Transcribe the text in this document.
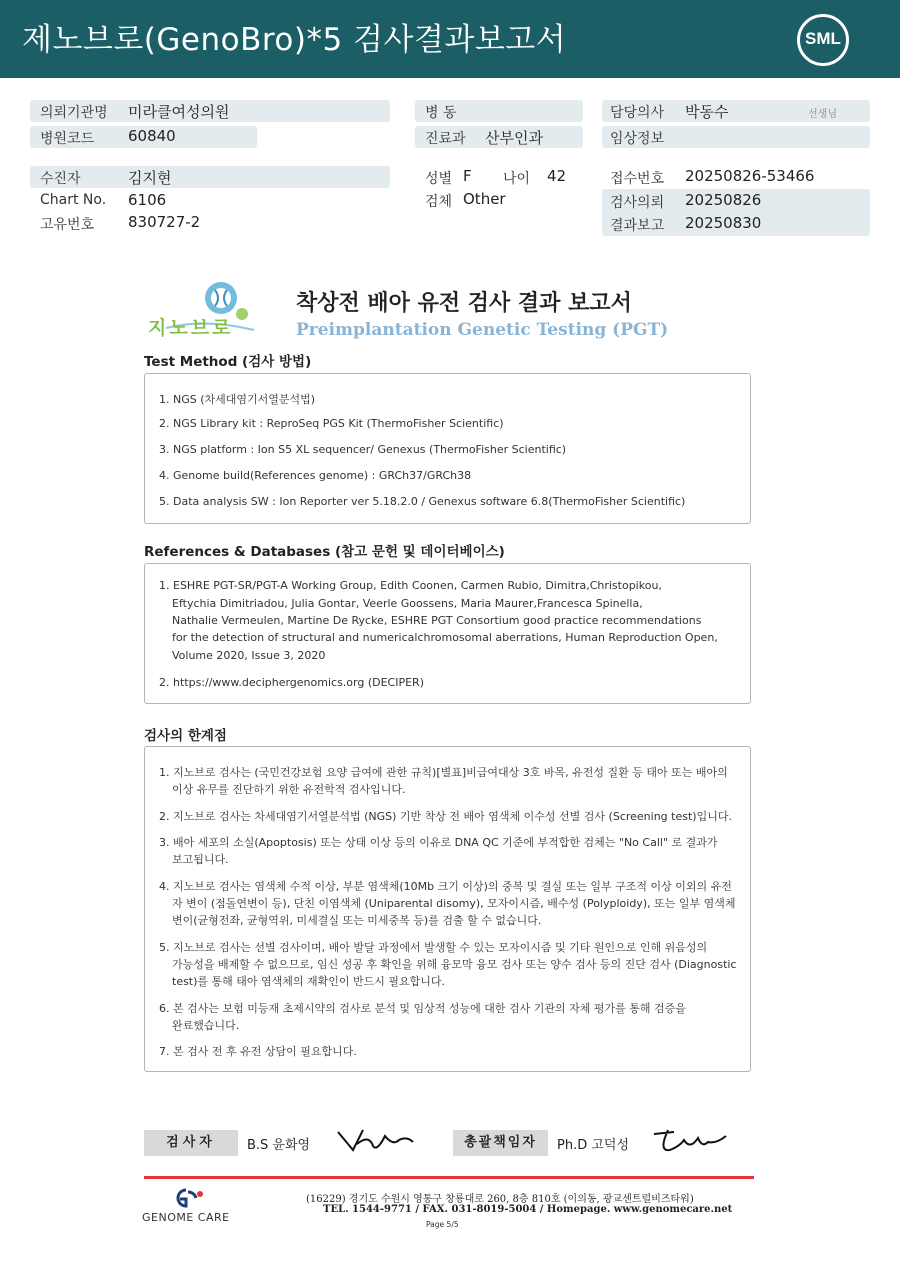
제노브로(GenoBro)*5 검사결과보고서	SML
의뢰기관명 미라클여성의원	병 동	담당의사 박동수	선생님
병원코드 60840	진료과 산부인과	임상정보
수진자	김지현	성별 F 나이 42	접수번호 20250826-53466
Chart No. 6106	검체 Other	검사의뢰 20250826
결과보고 20250830
고유번호 830727-2
지노브로
착상전 배아 유전 검사 결과 보고서
Preimplantation Genetic Testing (PGT)
Test Method (검사 방법)
1. NGS (차세대염기서열분석법)
2. NGS Library kit : ReproSeq PGS Kit (ThermoFisher Scientific)
3. NGS platform : Ion S5 XL sequencer/ Genexus (ThermoFisher Scientific)
4. Genome build(References genome) : GRCh37/GRCh38
5. Data analysis SW : Ion Reporter ver 5.18.2.0 / Genexus software 6.8(ThermoFisher Scientific)
References & Databases (참고 문헌 및 데이터베이스)
1. ESHRE PGT-SR/PGT-A Working Group, Edith Coonen, Carmen Rubio, Dimitra,Christopikou,
Eftychia Dimitriadou, Julia Gontar, Veerle Goossens, Maria Maurer,Francesca Spinella,
Nathalie Vermeulen, Martine De Rycke, ESHRE PGT Consortium good practice recommendations
for the detection of structural and numericalchromosomal aberrations, Human Reproduction Open,
Volume 2020, Issue 3, 2020
2. https://www.deciphergenomics.org (DECIPER)
검사의 한계점
1. 지노브로 검사는 (국민건강보험 요양 급여에 관한 규칙)[별표]비급여대상 3호 바목, 유전성 질환 등 태아 또는 배아의
이상 유무를 진단하기 위한 유전학적 검사입니다.
2. 지노브로 검사는 차세대염기서열분석법 (NGS) 기반 착상 전 배아 염색체 이수성 선별 검사 (Screening test)입니다.
3. 배아 세포의 소실(Apoptosis) 또는 상태 이상 등의 이유로 DNA QC 기준에 부적합한 검체는 "No Call" 로 결과가
보고됩니다.
4. 지노브로 검사는 염색체 수적 이상, 부분 염색체(10Mb 크기 이상)의 중복 및 결실 또는 일부 구조적 이상 이외의 유전
자 변이 (점돌연변이 등), 단친 이염색체 (Uniparental disomy), 모자이시즘, 배수성 (Polyploidy), 또는 일부 염색체
변이(균형전좌, 균형역위, 미세결실 또는 미세중복 등)를 검출 할 수 없습니다.
5. 지노브로 검사는 선별 검사이며, 배아 발달 과정에서 발생할 수 있는 모자이시즘 및 기타 원인으로 인해 위음성의
가능성을 배제할 수 없으므로, 임신 성공 후 확인을 위해 융모막 융모 검사 또는 양수 검사 등의 진단 검사 (Diagnostic
test)를 통해 태아 염색체의 재확인이 반드시 필요합니다.
6. 본 검사는 보험 미등재 초제시약의 검사로 분석 및 임상적 성능에 대한 검사 기관의 자체 평가를 통해 검증을
완료했습니다.
7. 본 검사 전 후 유전 상담이 필요합니다.
검사자	B.S 윤화영	총괄책임자	Ph.D 고덕성
GENOME CARE
(16229) 경기도 수원시 영통구 창룡대로 260, 8층 810호 (이의동, 광교센트럴비즈타워)
TEL. 1544-9771 / FAX. 031-8019-5004 / Homepage. www.genomecare.net
Page 5/5
